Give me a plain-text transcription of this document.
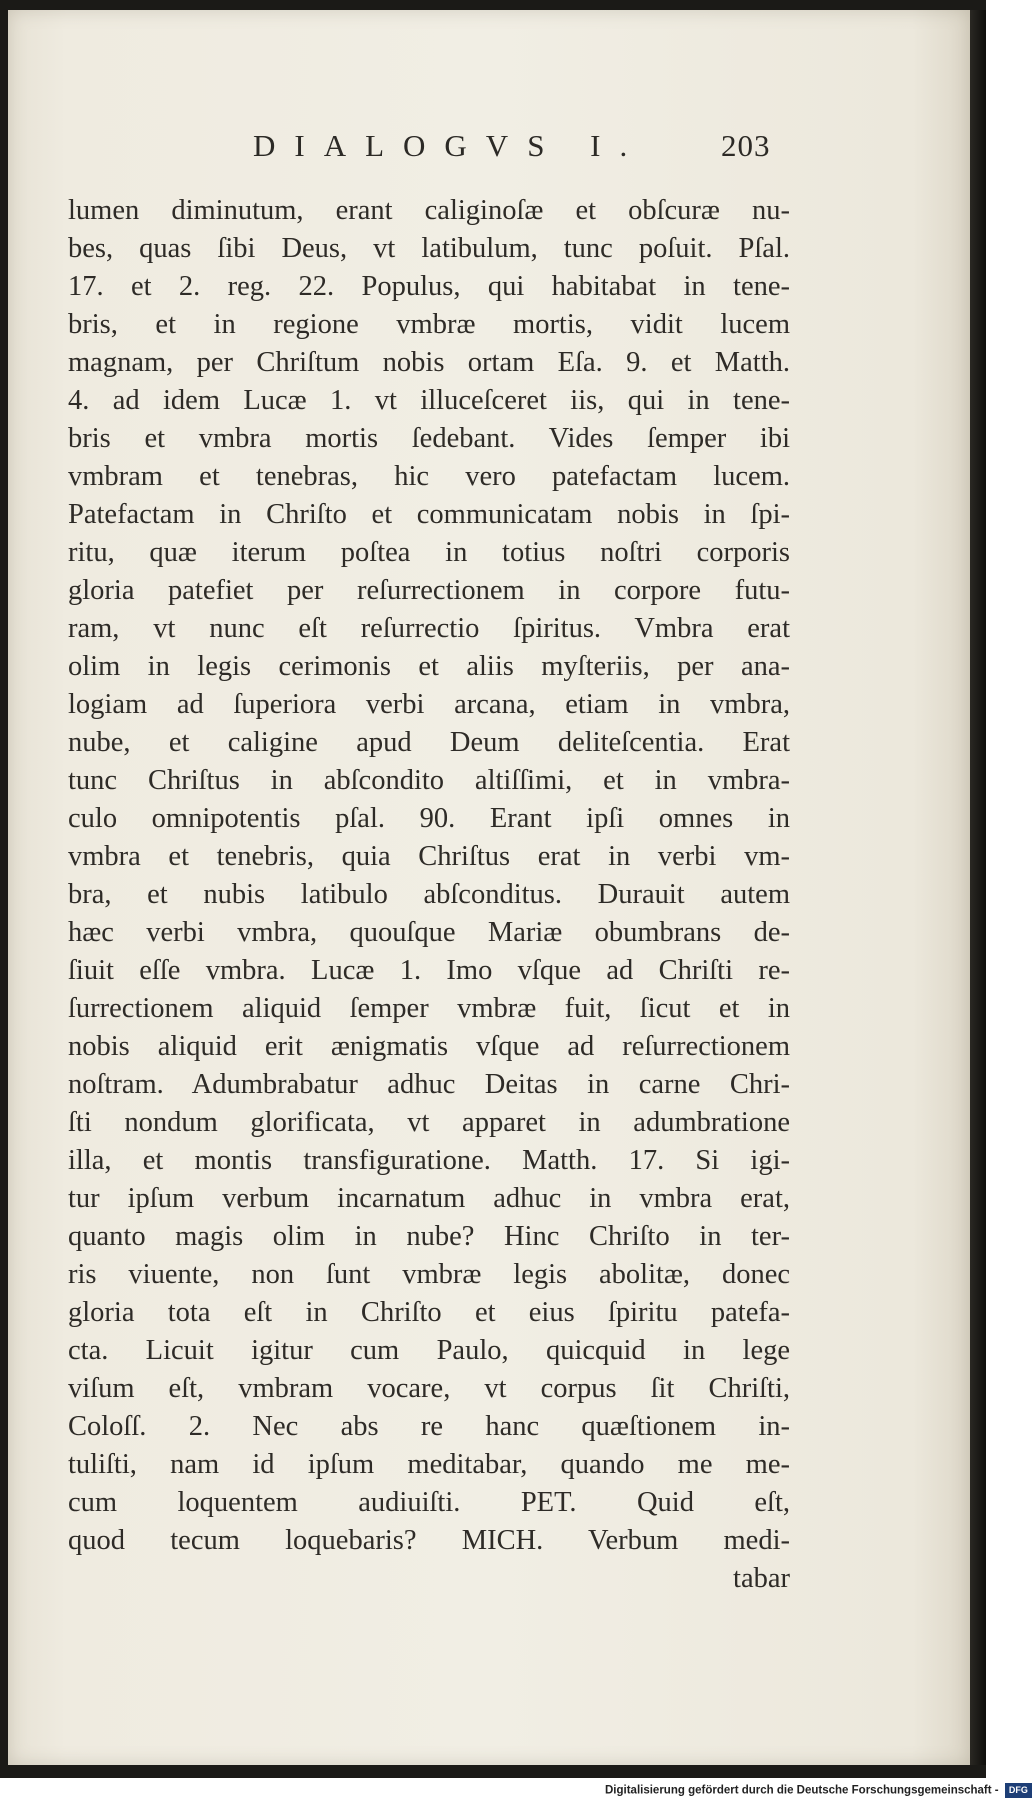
DIALOGVS I. 203
lumen diminutum, erant caliginoſæ et obſcuræ nu-
bes, quas ſibi Deus, vt latibulum, tunc poſuit. Pſal.
17. et 2. reg. 22. Populus, qui habitabat in tene-
bris, et in regione vmbræ mortis, vidit lucem
magnam, per Chriſtum nobis ortam Eſa. 9. et Matth.
4. ad idem Lucæ 1. vt illuceſceret iis, qui in tene-
bris et vmbra mortis ſedebant. Vides ſemper ibi
vmbram et tenebras, hic vero patefactam lucem.
Patefactam in Chriſto et communicatam nobis in ſpi-
ritu, quæ iterum poſtea in totius noſtri corporis
gloria patefiet per reſurrectionem in corpore futu-
ram, vt nunc eſt reſurrectio ſpiritus. Vmbra erat
olim in legis cerimonis et aliis myſteriis, per ana-
logiam ad ſuperiora verbi arcana, etiam in vmbra,
nube, et caligine apud Deum deliteſcentia. Erat
tunc Chriſtus in abſcondito altiſſimi, et in vmbra-
culo omnipotentis pſal. 90. Erant ipſi omnes in
vmbra et tenebris, quia Chriſtus erat in verbi vm-
bra, et nubis latibulo abſconditus. Durauit autem
hæc verbi vmbra, quouſque Mariæ obumbrans de-
ſiuit eſſe vmbra. Lucæ 1. Imo vſque ad Chriſti re-
ſurrectionem aliquid ſemper vmbræ fuit, ſicut et in
nobis aliquid erit ænigmatis vſque ad reſurrectionem
noſtram. Adumbrabatur adhuc Deitas in carne Chri-
ſti nondum glorificata, vt apparet in adumbratione
illa, et montis transfiguratione. Matth. 17. Si igi-
tur ipſum verbum incarnatum adhuc in vmbra erat,
quanto magis olim in nube? Hinc Chriſto in ter-
ris viuente, non ſunt vmbræ legis abolitæ, donec
gloria tota eſt in Chriſto et eius ſpiritu patefa-
cta. Licuit igitur cum Paulo, quicquid in lege
viſum eſt, vmbram vocare, vt corpus ſit Chriſti,
Coloſſ. 2. Nec abs re hanc quæſtionem in-
tuliſti, nam id ipſum meditabar, quando me me-
cum loquentem audiuiſti. PET. Quid eſt,
quod tecum loquebaris? MICH. Verbum medi-
tabar
Digitalisierung gefördert durch die Deutsche Forschungsgemeinschaft - DFG
